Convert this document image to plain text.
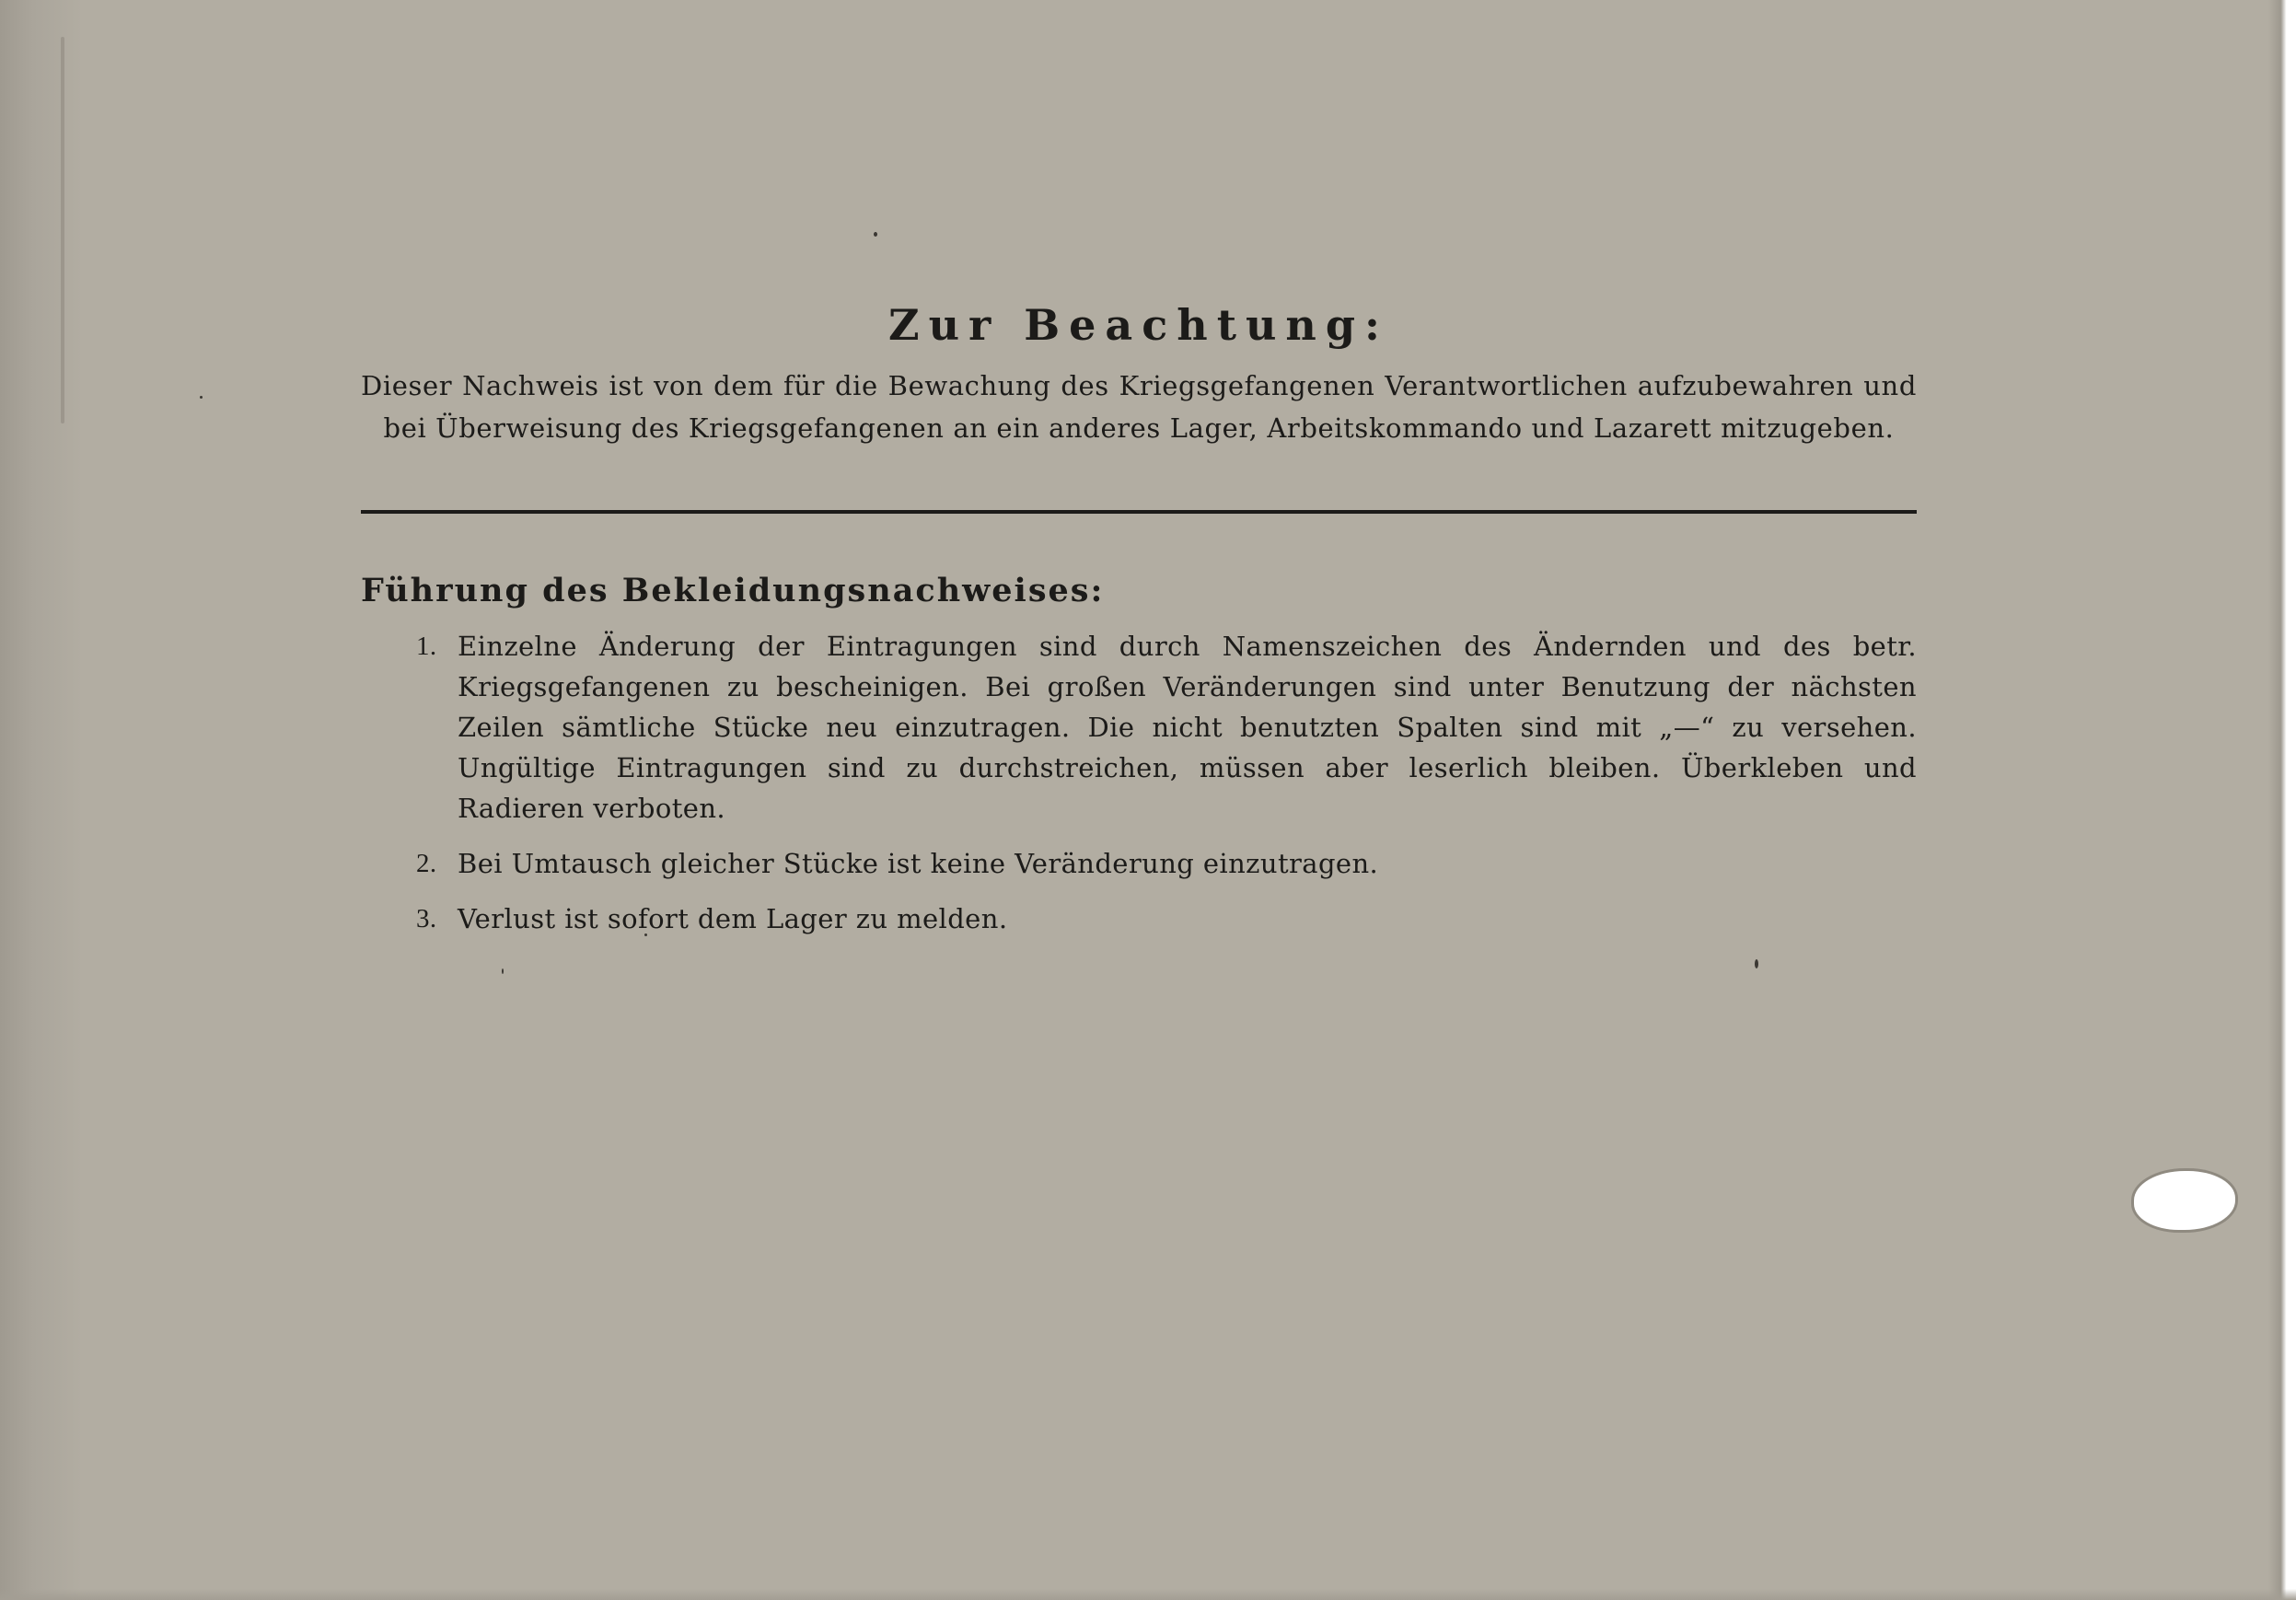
Zur Beachtung:

Dieser Nachweis ist von dem für die Bewachung des Kriegsgefangenen Verantwortlichen aufzubewahren und bei Überweisung des Kriegsgefangenen an ein anderes Lager, Arbeitskommando und Lazarett mitzugeben.

Führung des Bekleidungsnachweises:
1. Einzelne Änderung der Eintragungen sind durch Namenszeichen des Ändernden und des betr. Kriegsgefangenen zu bescheinigen. Bei großen Veränderungen sind unter Benutzung der nächsten Zeilen sämtliche Stücke neu einzutragen. Die nicht benutzten Spalten sind mit „—“ zu versehen. Ungültige Eintragungen sind zu durchstreichen, müssen aber leserlich bleiben. Überkleben und Radieren verboten.
2. Bei Umtausch gleicher Stücke ist keine Veränderung einzutragen.
3. Verlust ist sofort dem Lager zu melden.
